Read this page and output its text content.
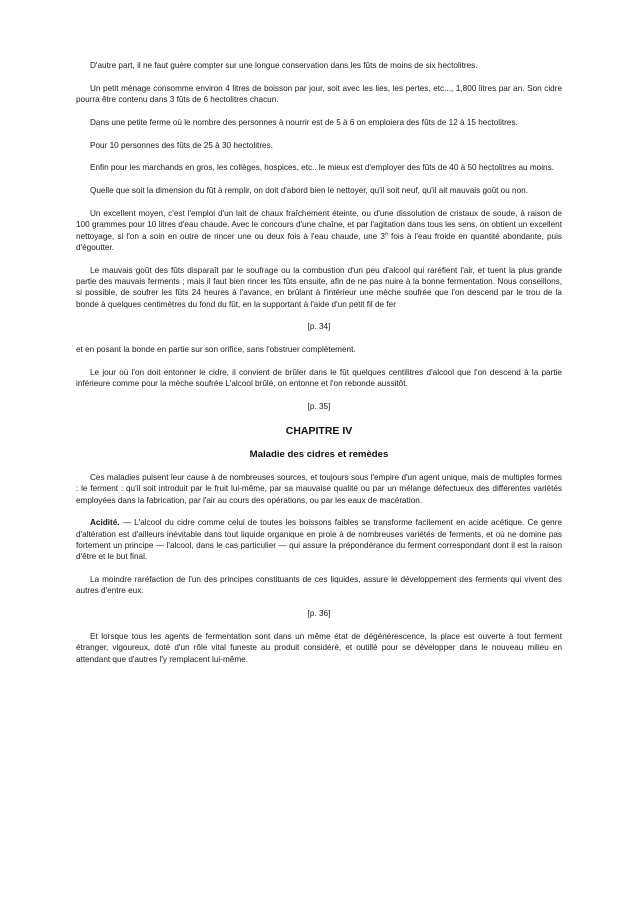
D'autre part, il ne faut guère compter sur une longue conservation dans les fûts de moins de six hectolitres.

Un petit ménage consomme environ 4 litres de boisson par jour, soit avec les lies, les pertes, etc..., 1,800 litres par an. Son cidre pourra être contenu dans 3 fûts de 6 hectolitres chacun.

Dans une petite ferme où le nombre des personnes à nourrir est de 5 à 6 on emploiera des fûts de 12 à 15 hectolitres.

Pour 10 personnes des fûts de 25 à 30 hectolitres.

Enfin pour les marchands en gros, les collèges, hospices, etc.. le mieux est d'employer des fûts de 40 à 50 hectolitres au moins.

Quelle que soit la dimension du fût à remplir, on doit d'abord bien le nettoyer, qu'il soit neuf, qu'il ait mauvais goût ou non.

Un excellent moyen, c'est l'emploi d'un lait de chaux fraîchement éteinte, ou d'une dissolution de cristaux de soude, à raison de 100 grammes pour 10 litres d'eau chaude. Avec le concours d'une chaîne, et par l'agitation dans tous les sens, on obtient un excellent nettoyage, si l'on a soin en outre de rincer une ou deux fois à l'eau chaude, une 3e fois à l'eau froide en quantité abondante, puis d'égoutter.

Le mauvais goût des fûts disparaît par le soufrage ou la combustion d'un peu d'alcool qui raréfient l'air, et tuent la plus grande partie des mauvais ferments ; mais il faut bien rincer les fûts ensuite, afin de ne pas nuire à la bonne fermentation. Nous conseillons, si possible, de soufrer les fûts 24 heures à l'avance, en brûlant à l'intérieur une mèche soufrée que l'on descend par le trou de la bonde à quelques centimètres du fond du fût, en la supportant à l'aide d'un petit fil de fer

[p. 34]

et en posant la bonde en partie sur son orifice, sans l'obstruer complètement.

Le jour où l'on doit entonner le cidre, il convient de brûler dans le fût quelques centilitres d'alcool que l'on descend à la partie inférieure comme pour la mèche soufrée L'alcool brûlé, on entonne et l'on rebonde aussitôt.

[p. 35]

CHAPITRE IV
Maladie des cidres et remèdes

Ces maladies puisent leur cause à de nombreuses sources, et toujours sous l'empire d'un agent unique, mais de multiples formes : le ferment : qu'il soit introduit par le fruit lui-même, par sa mauvaise qualité ou par un mélange défectueux des différentes variétés employées dans la fabrication, par l'air au cours des opérations, ou par les eaux de macération.

Acidité. — L'alcool du cidre comme celui de toutes les boissons faibles se transforme facilement en acide acétique. Ce genre d'altération est d'ailleurs inévitable dans tout liquide organique en proie à de nombreuses variétés de ferments, et où ne domine pas fortement un principe — l'alcool, dans le cas particulier — qui assure la prépondérance du ferment correspondant dont il est la raison d'être et le but final.

La moindre raréfaction de l'un des principes constituants de ces liquides, assure le développement des ferments qui vivent des autres d'entre eux.

[p. 36]

Et lorsque tous les agents de fermentation sont dans un même état de dégénérescence, la place est ouverte à tout ferment étranger, vigoureux, doté d'un rôle vital funeste au produit considéré, et outillé pour se développer dans le nouveau milieu en attendant que d'autres l'y remplacent lui-même.
